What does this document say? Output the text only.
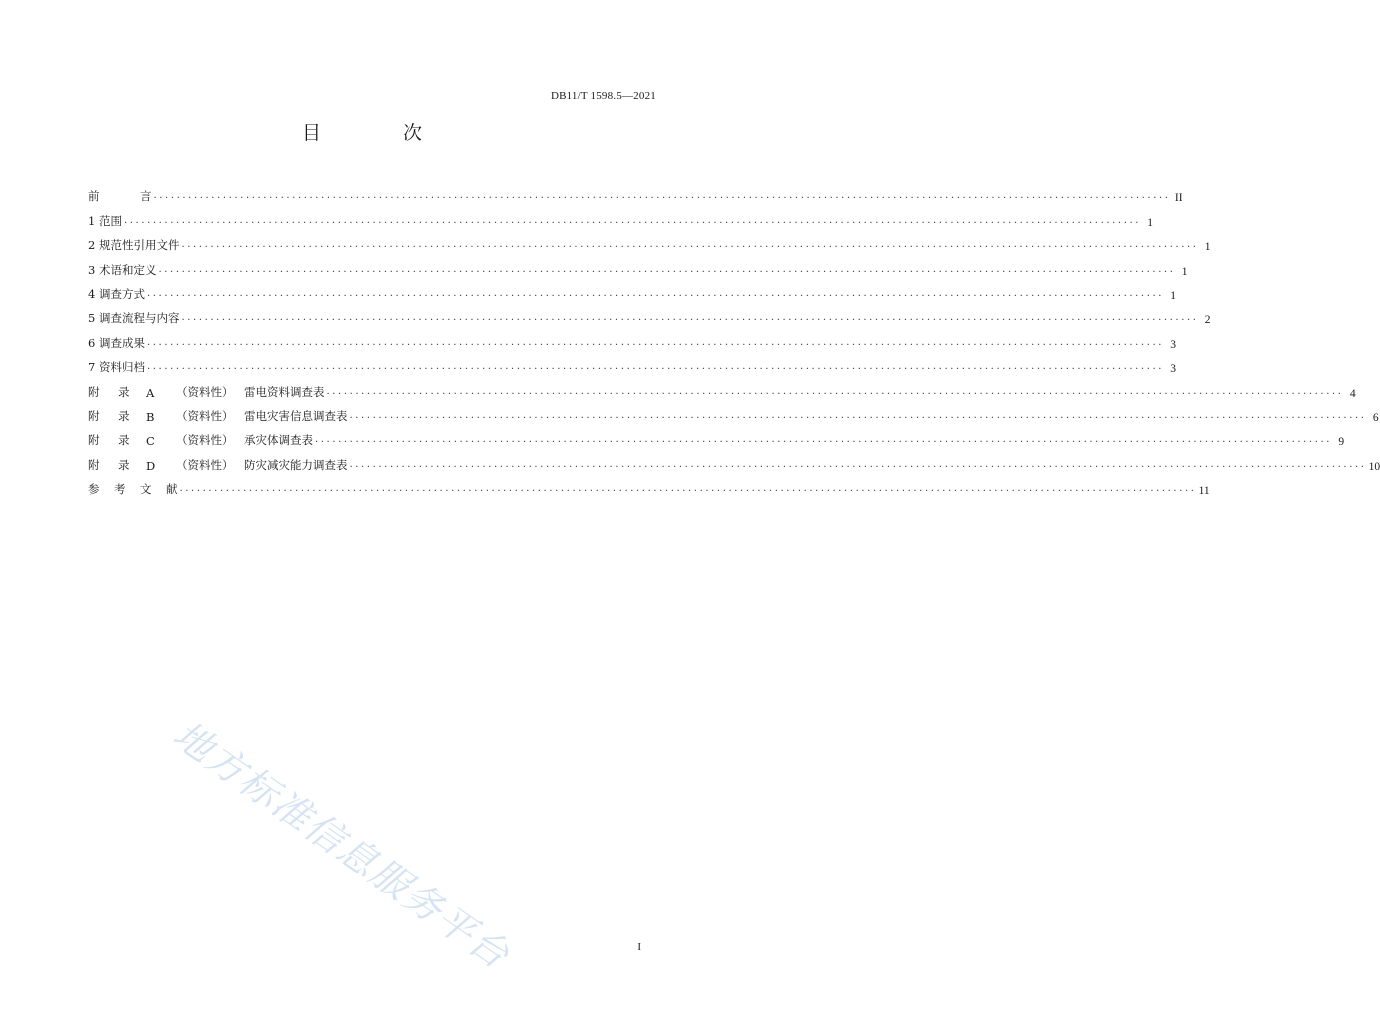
DB11/T 1598.5—2021
目 次
前	言 ................................................................................................................................................................................ II
1 范围 ................................................................................................................................................................................ 1
2 规范性引用文件 ................................................................................................................................................................................ 1
3 术语和定义 ................................................................................................................................................................................ 1
4 调查方式 ................................................................................................................................................................................ 1
5 调查流程与内容 ................................................................................................................................................................................ 2
6 调查成果 ................................................................................................................................................................................ 3
7 资料归档 ................................................................................................................................................................................ 3
附	录	A	（资料性） 雷电资料调查表 ................................................................................................................................................................................ 4
附	录	B	（资料性） 雷电灾害信息调查表 ................................................................................................................................................................................ 6
附	录	C	（资料性） 承灾体调查表 ................................................................................................................................................................................ 9
附	录	D	（资料性） 防灾减灾能力调查表 ................................................................................................................................................................................ 10
参	考	文	献 ................................................................................................................................................................................ 11
地方标准信息服务平台	I
